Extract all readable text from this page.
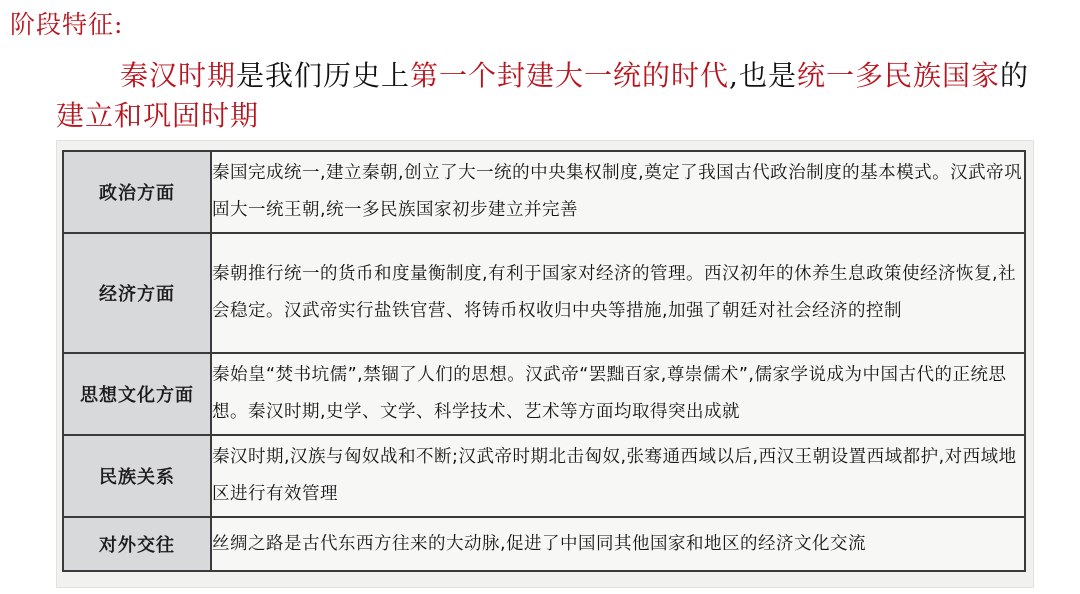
阶段特征:
秦汉时期是我们历史上第一个封建大一统的时代,也是统一多民族国家的建立和巩固时期
政治方面	秦国完成统一,建立秦朝,创立了大一统的中央集权制度,奠定了我国古代政治制度的基本模式。汉武帝巩固大一统王朝,统一多民族国家初步建立并完善
经济方面	秦朝推行统一的货币和度量衡制度,有利于国家对经济的管理。西汉初年的休养生息政策使经济恢复,社会稳定。汉武帝实行盐铁官营、将铸币权收归中央等措施,加强了朝廷对社会经济的控制
思想文化方面	秦始皇“焚书坑儒”,禁锢了人们的思想。汉武帝“罢黜百家,尊崇儒术”,儒家学说成为中国古代的正统思想。秦汉时期,史学、文学、科学技术、艺术等方面均取得突出成就
民族关系	秦汉时期,汉族与匈奴战和不断;汉武帝时期北击匈奴,张骞通西域以后,西汉王朝设置西域都护,对西域地区进行有效管理
对外交往	丝绸之路是古代东西方往来的大动脉,促进了中国同其他国家和地区的经济文化交流
